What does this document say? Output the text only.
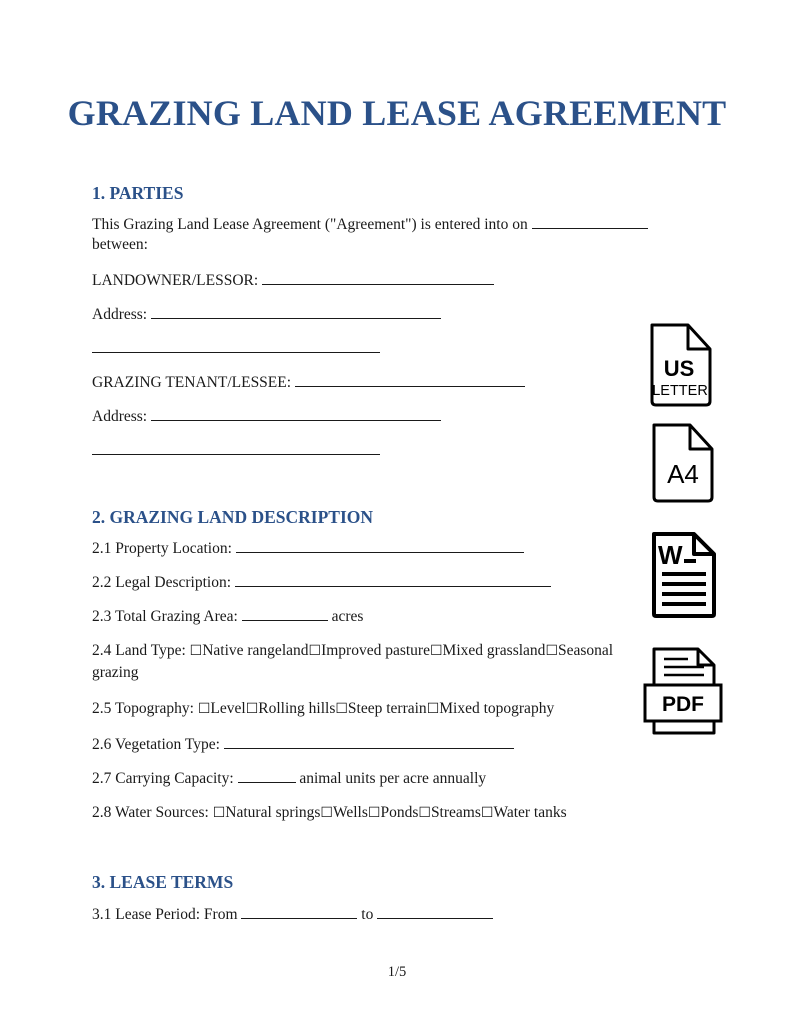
GRAZING LAND LEASE AGREEMENT
1. PARTIES
This Grazing Land Lease Agreement ("Agreement") is entered into on
between:
LANDOWNER/LESSOR:
Address:
GRAZING TENANT/LESSEE:
Address:
2. GRAZING LAND DESCRIPTION
2.1 Property Location:
2.2 Legal Description:
2.3 Total Grazing Area:	acres
2.4 Land Type: ☐Native rangeland☐Improved pasture☐Mixed grassland☐Seasonal
grazing
2.5 Topography: ☐Level☐Rolling hills☐Steep terrain☐Mixed topography
2.6 Vegetation Type:
2.7 Carrying Capacity:	animal units per acre annually
2.8 Water Sources: ☐Natural springs☐Wells☐Ponds☐Streams☐Water tanks
3. LEASE TERMS
3.1 Lease Period: From	to
1/5
US
LETTER
A4
W
PDF
